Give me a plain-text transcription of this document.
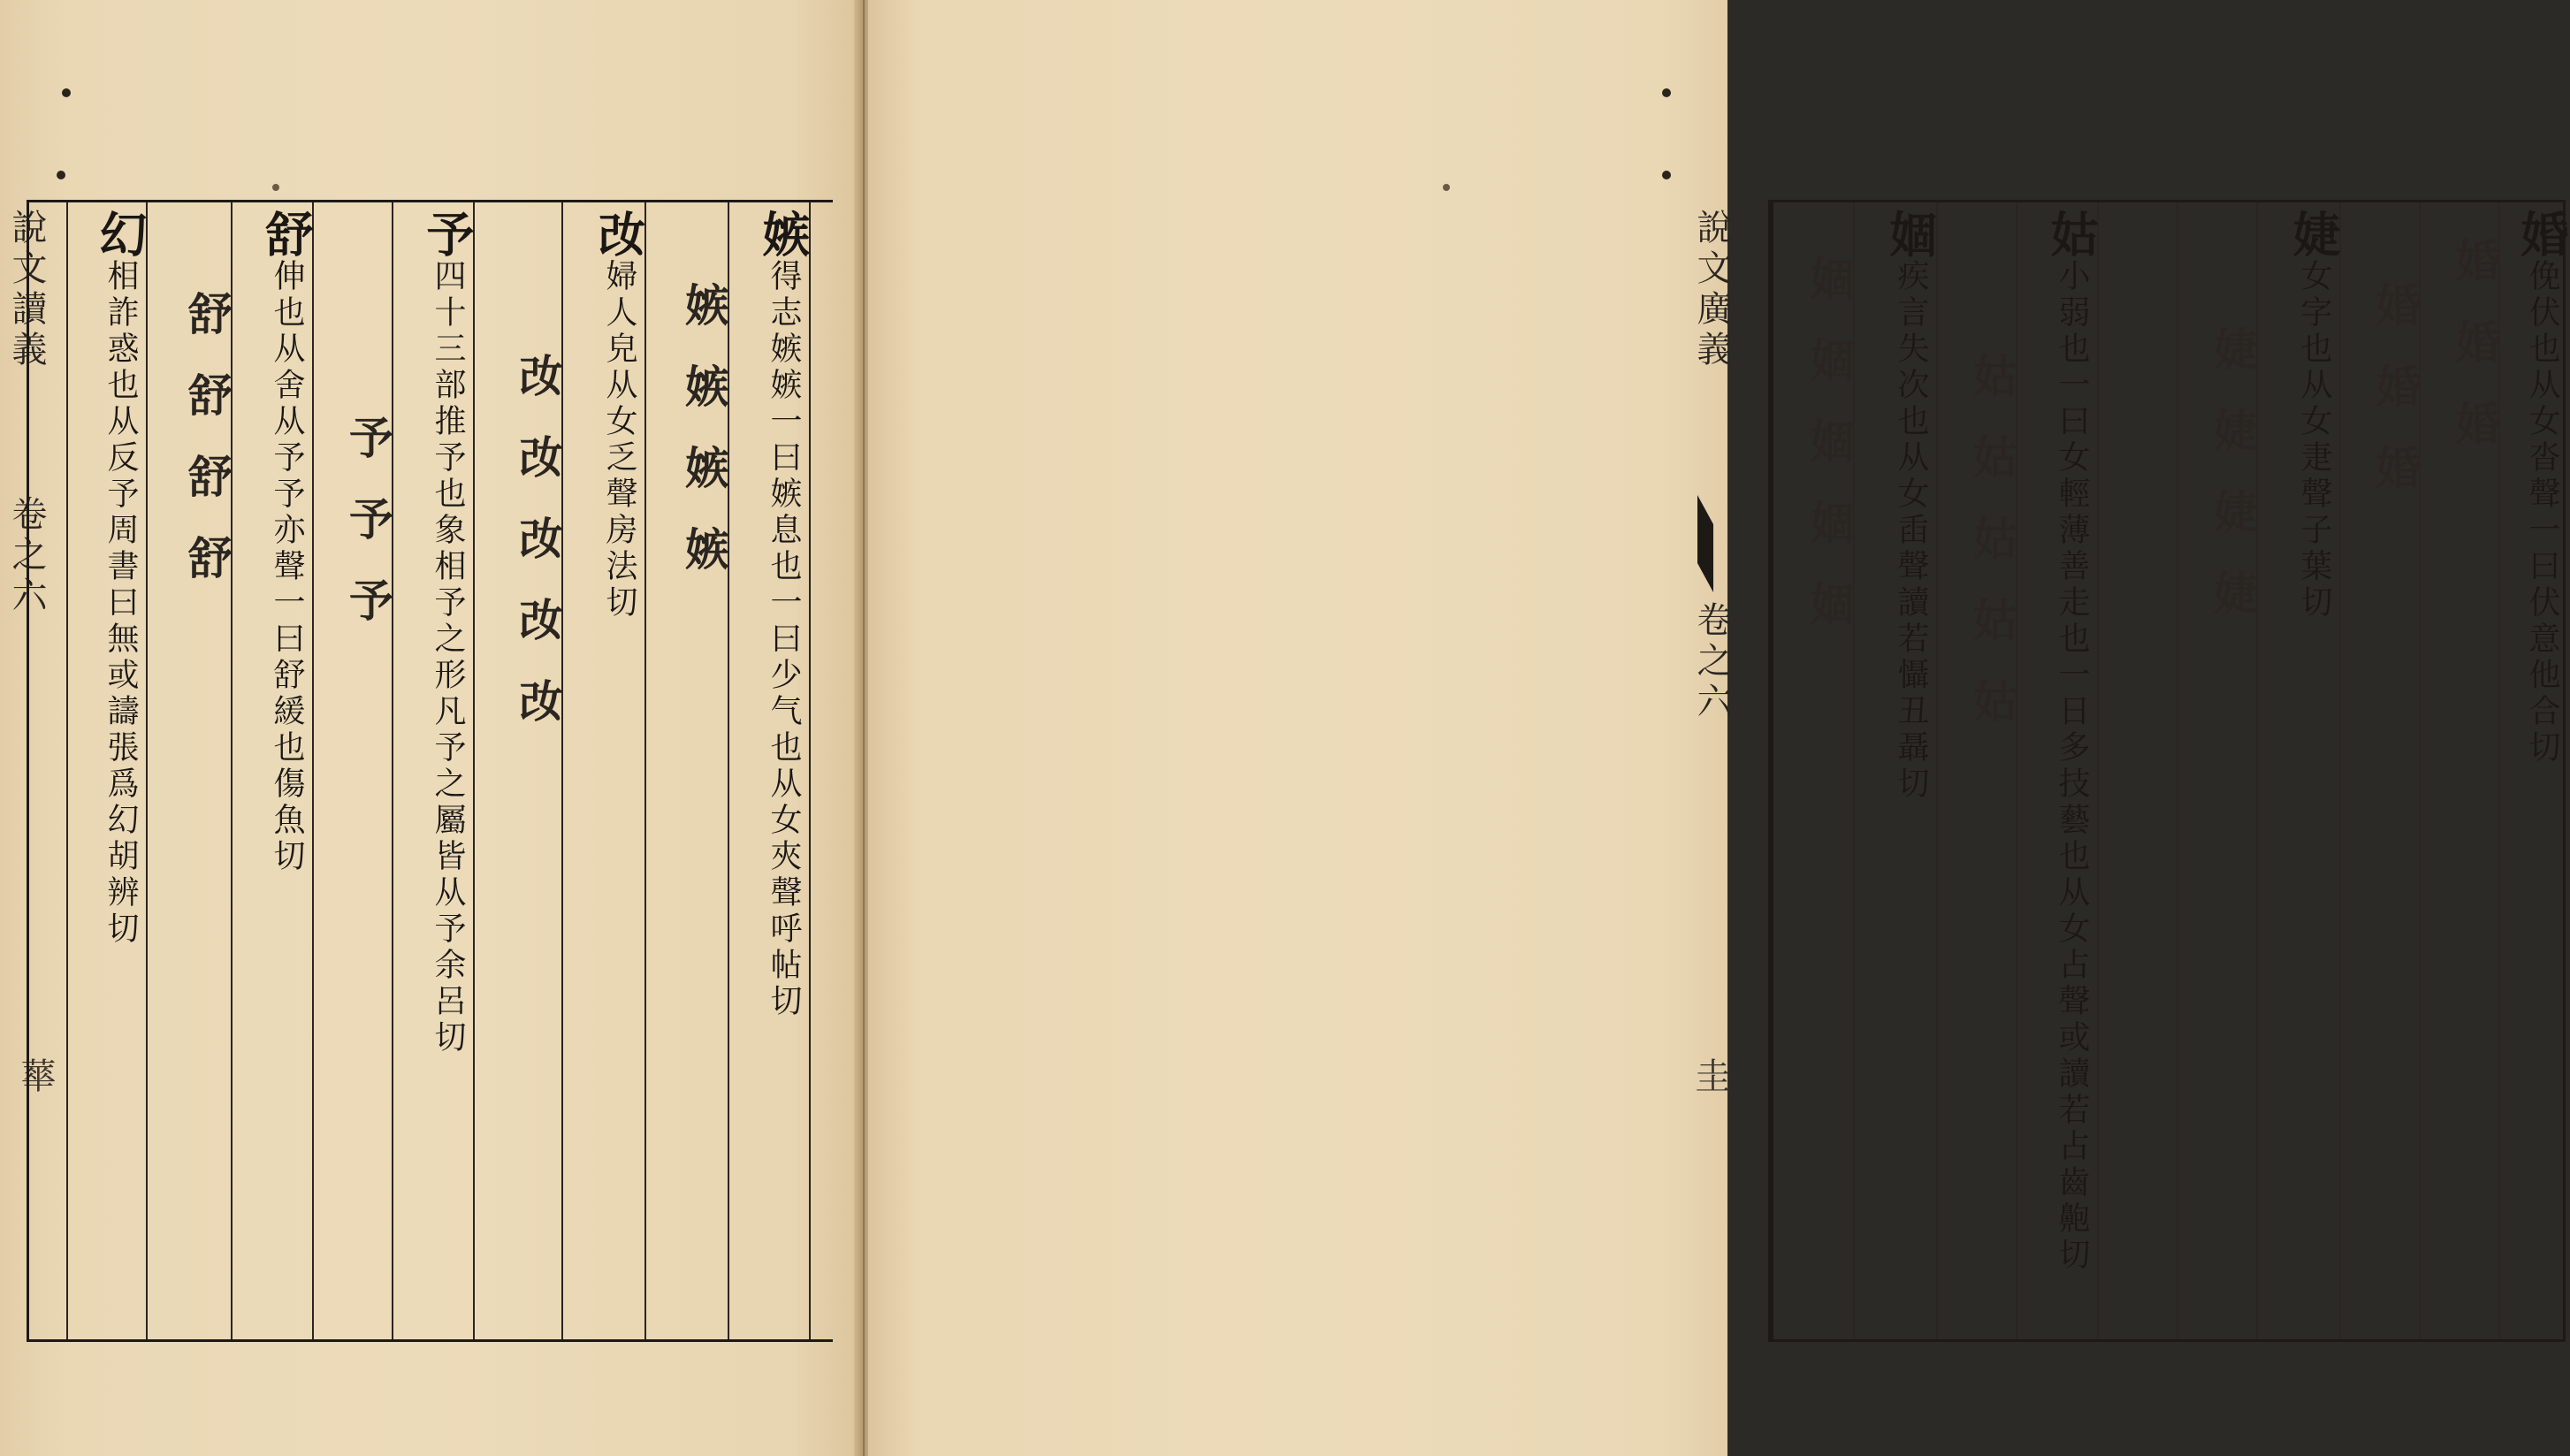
說文讀義
卷之六
蕐
嫉得志嫉嫉一曰嫉息也一曰少气也从女夾聲呼帖切
嫉嫉嫉嫉
妀婦人皃从女乏聲房法切
妀妀妀妀妀
予四十三部推予也象相予之形凡予之屬皆从予余呂切
予予予
舒伸也从舍从予予亦聲一曰舒緩也傷魚切
舒舒舒舒
幻相詐惑也从反予周書曰無或譸張爲幻胡辨切	說文廣義
卷之六
圭
婚俛伏也从女沓聲一曰伏意他合切
婚婚婚
婚婚婚
婕女字也从女疌聲子葉切
婕婕婕婕
姑小弱也一曰女輕薄善走也一日多技藝也从女占聲或讀若占齒䶌切
姑姑姑姑姑
婟疾言失次也从女臿聲讀若懾丑聶切
婟婟婟婟婟
